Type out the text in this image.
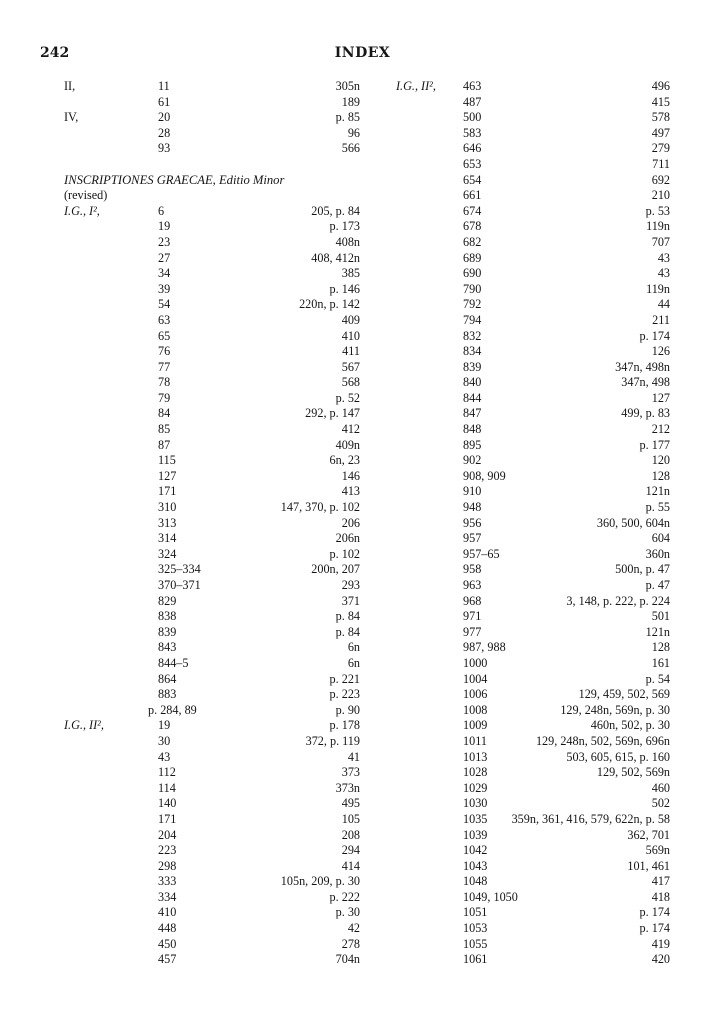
242	INDEX
II,	11	305n
61	189
IV,	20	p. 85
28	96
93	566
INSCRIPTIONES GRAECAE, Editio Minor
(revised)
I.G., I²,	6	205, p. 84
19	p. 173
23	408n
27	408, 412n
34	385
39	p. 146
54	220n, p. 142
63	409
65	410
76	411
77	567
78	568
79	p. 52
84	292, p. 147
85	412
87	409n
115	6n, 23
127	146
171	413
310	147, 370, p. 102
313	206
314	206n
324	p. 102
325–334	200n, 207
370–371	293
829	371
838	p. 84
839	p. 84
843	6n
844–5	6n
864	p. 221
883	p. 223
p. 284, 89	p. 90
I.G., II²,	19	p. 178
30	372, p. 119
43	41
112	373
114	373n
140	495
171	105
204	208
223	294
298	414
333	105n, 209, p. 30
334	p. 222
410	p. 30
448	42
450	278
457	704n
I.G., II², 463	496
487	415
500	578
583	497
646	279
653	711
654	692
661	210
674	p. 53
678	119n
682	707
689	43
690	43
790	119n
792	44
794	211
832	p. 174
834	126
839	347n, 498n
840	347n, 498
844	127
847	499, p. 83
848	212
895	p. 177
902	120
908, 909	128
910	121n
948	p. 55
956	360, 500, 604n
957	604
957–65	360n
958	500n, p. 47
963	p. 47
968	3, 148, p. 222, p. 224
971	501
977	121n
987, 988	128
1000	161
1004	p. 54
1006	129, 459, 502, 569
1008	129, 248n, 569n, p. 30
1009	460n, 502, p. 30
1011	129, 248n, 502, 569n, 696n
1013	503, 605, 615, p. 160
1028	129, 502, 569n
1029	460
1030	502
1035 359n, 361, 416, 579, 622n, p. 58
1039	362, 701
1042	569n
1043	101, 461
1048	417
1049, 1050	418
1051	p. 174
1053	p. 174
1055	419
1061	420
